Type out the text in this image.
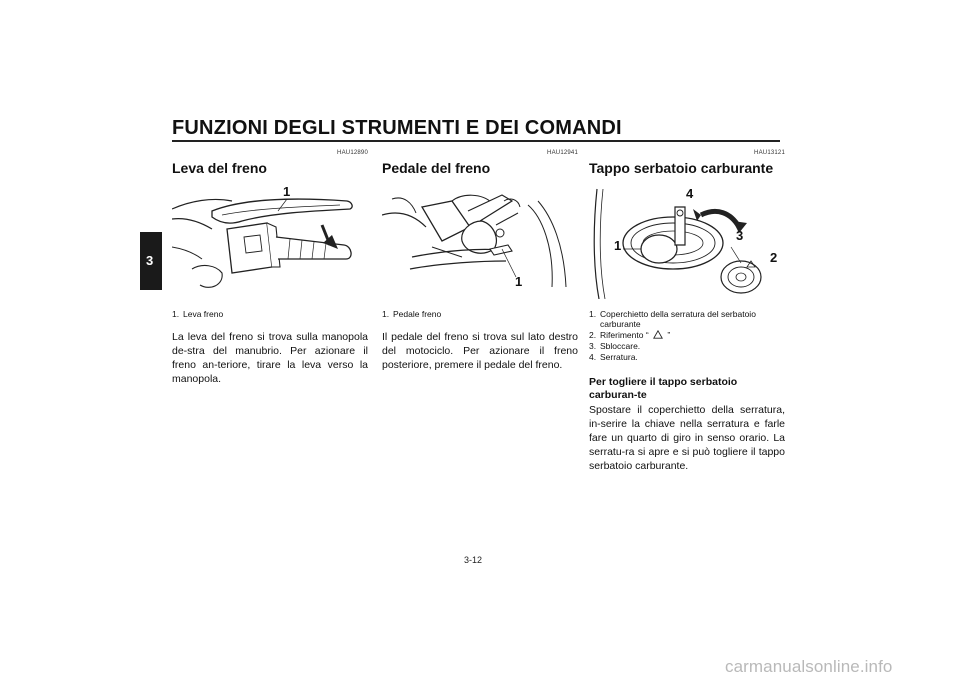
FUNZIONI DEGLI STRUMENTI E DEI COMANDI
3
HAU12890
Leva del freno
1
1. Leva freno
La leva del freno si trova sulla manopola de-stra del manubrio. Per azionare il freno an-teriore, tirare la leva verso la manopola.
HAU12941
Pedale del freno
1
1. Pedale freno
Il pedale del freno si trova sul lato destro del motociclo. Per azionare il freno posteriore, premere il pedale del freno.
HAU13121
Tappo serbatoio carburante
1
2
3
4
1. Coperchietto della serratura del serbatoio carburante
2. Riferimento “ ”
3. Sbloccare.
4. Serratura.
Per togliere il tappo serbatoio carburan-te
Spostare il coperchietto della serratura, in-serire la chiave nella serratura e farle fare un quarto di giro in senso orario. La serratu-ra si apre e si può togliere il tappo serbatoio carburante.
3-12
carmanualsonline.info
